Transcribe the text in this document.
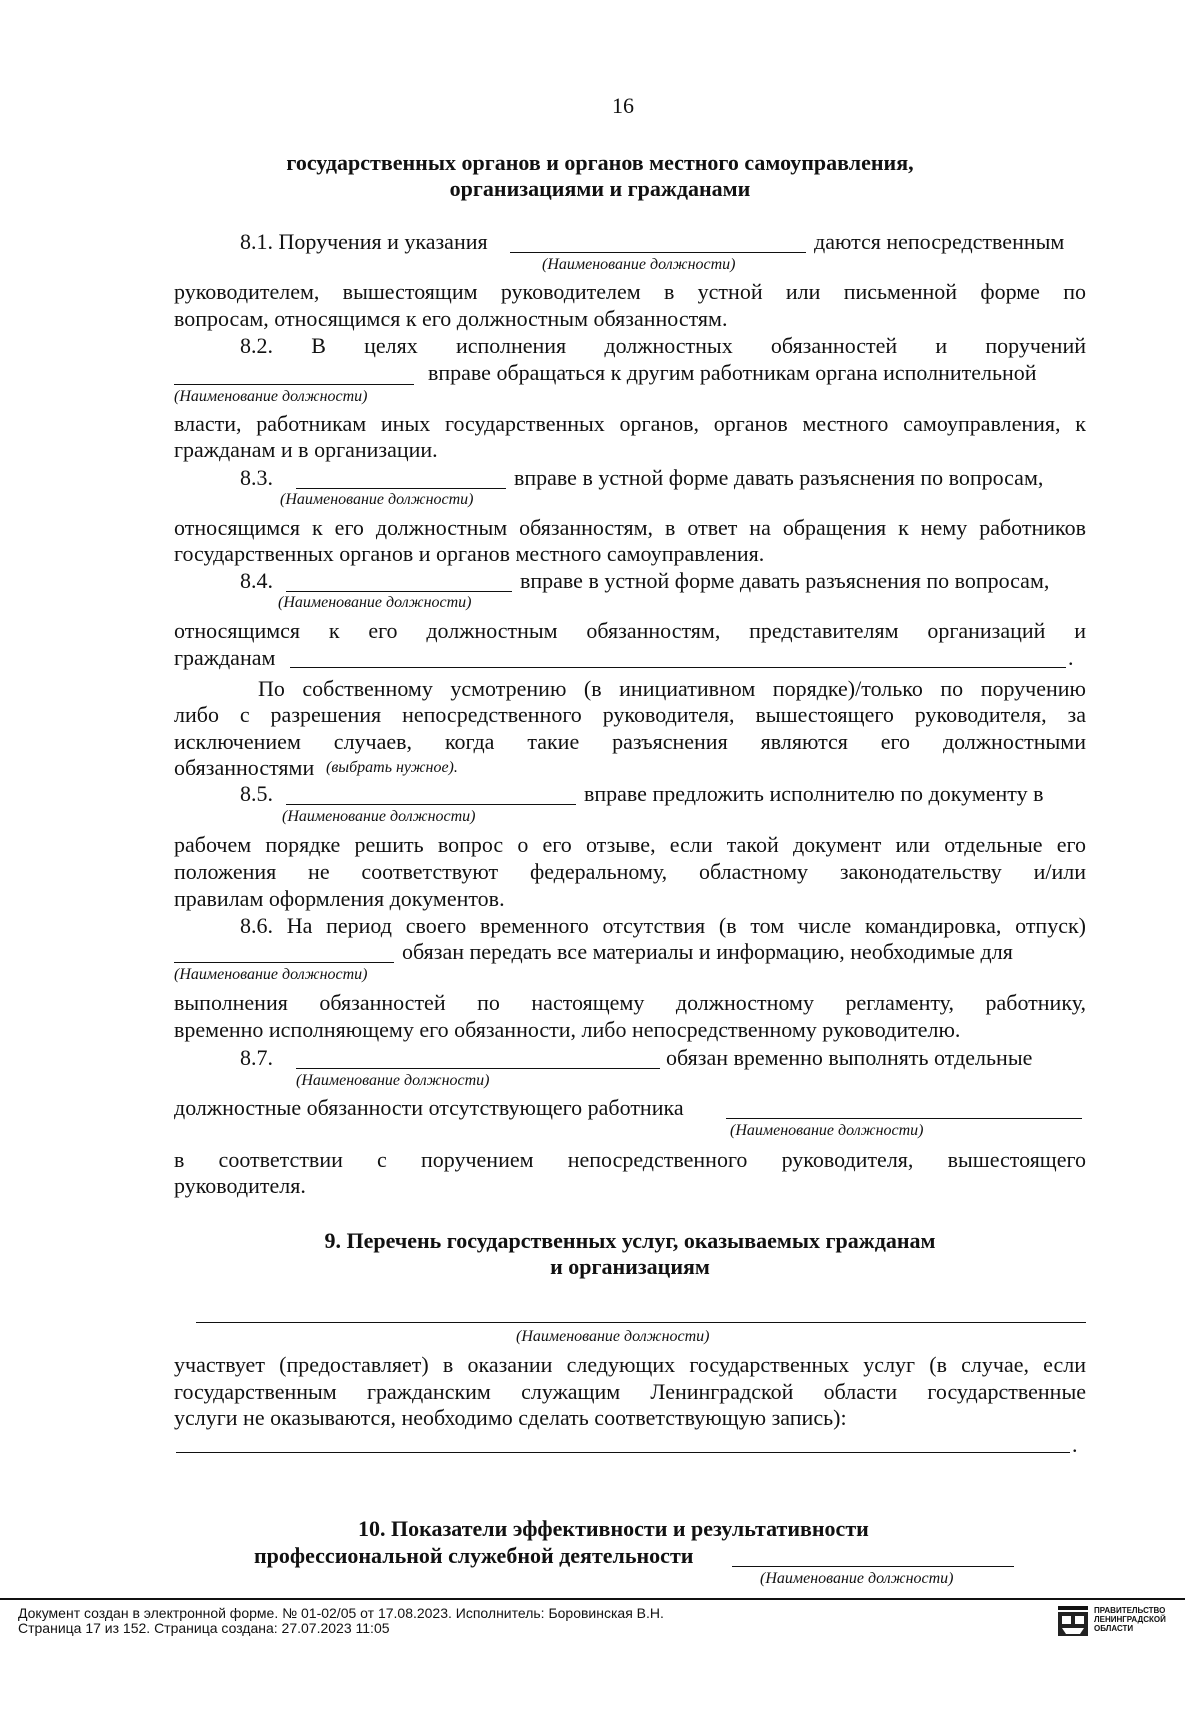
16
государственных органов и органов местного самоуправления,
организациями и гражданами
8.1. Поручения и указания	даются непосредственным
(Наименование должности)
руководителем, вышестоящим руководителем в устной или письменной форме по
вопросам, относящимся к его должностным обязанностям.
8.2. В целях исполнения должностных обязанностей и поручений
вправе обращаться к другим работникам органа исполнительной
(Наименование должности)
власти, работникам иных государственных органов, органов местного самоуправления, к
гражданам и в организации.
8.3.	вправе в устной форме давать разъяснения по вопросам,
(Наименование должности)
относящимся к его должностным обязанностям, в ответ на обращения к нему работников
государственных органов и органов местного самоуправления.
8.4.	вправе в устной форме давать разъяснения по вопросам,
(Наименование должности)
относящимся к его должностным обязанностям, представителям организаций и
гражданам	.
По собственному усмотрению (в инициативном порядке)/только по поручению
либо с разрешения непосредственного руководителя, вышестоящего руководителя, за
исключением случаев, когда такие разъяснения являются его должностными
обязанностями (выбрать нужное).
8.5.	вправе предложить исполнителю по документу в
(Наименование должности)
рабочем порядке решить вопрос о его отзыве, если такой документ или отдельные его
положения не соответствуют федеральному, областному законодательству и/или
правилам оформления документов.
8.6. На период своего временного отсутствия (в том числе командировка, отпуск)
обязан передать все материалы и информацию, необходимые для
(Наименование должности)
выполнения обязанностей по настоящему должностному регламенту, работнику,
временно исполняющему его обязанности, либо непосредственному руководителю.
8.7.	обязан временно выполнять отдельные
(Наименование должности)
должностные обязанности отсутствующего работника
(Наименование должности)
в соответствии с поручением непосредственного руководителя, вышестоящего
руководителя.
9. Перечень государственных услуг, оказываемых гражданам
и организациям
(Наименование должности)
участвует (предоставляет) в оказании следующих государственных услуг (в случае, если
государственным гражданским служащим Ленинградской области государственные
услуги не оказываются, необходимо сделать соответствующую запись):
.
10. Показатели эффективности и результативности
профессиональной служебной деятельности
(Наименование должности)
Документ создан в электронной форме. № 01-02/05 от 17.08.2023. Исполнитель: Боровинская В.Н.
Страница 17 из 152. Страница создана: 27.07.2023 11:05
ПРАВИТЕЛЬСТВО
ЛЕНИНГРАДСКОЙ
ОБЛАСТИ
